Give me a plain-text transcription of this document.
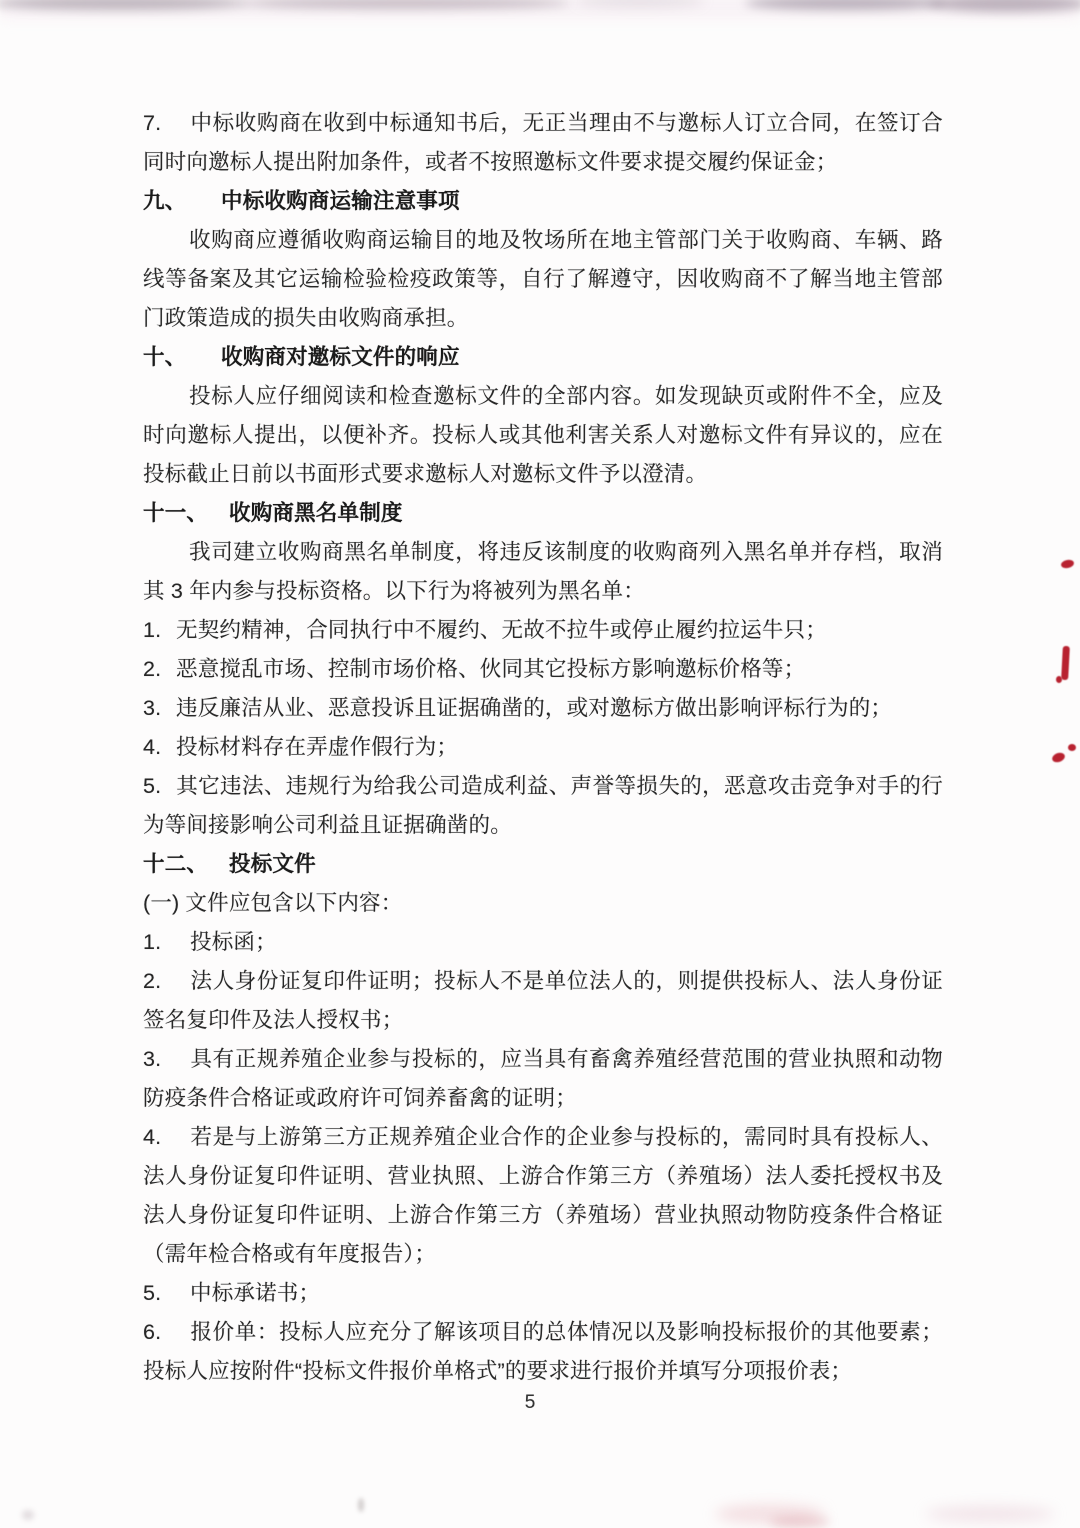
7. 中标收购商在收到中标通知书后，无正当理由不与邀标人订立合同，在签订合同时向邀标人提出附加条件，或者不按照邀标文件要求提交履约保证金；

九、 中标收购商运输注意事项

收购商应遵循收购商运输目的地及牧场所在地主管部门关于收购商、车辆、路线等备案及其它运输检验检疫政策等，自行了解遵守，因收购商不了解当地主管部门政策造成的损失由收购商承担。

十、 收购商对邀标文件的响应

投标人应仔细阅读和检查邀标文件的全部内容。如发现缺页或附件不全，应及时向邀标人提出，以便补齐。投标人或其他利害关系人对邀标文件有异议的，应在投标截止日前以书面形式要求邀标人对邀标文件予以澄清。

十一、 收购商黑名单制度

我司建立收购商黑名单制度，将违反该制度的收购商列入黑名单并存档，取消其 3 年内参与投标资格。以下行为将被列为黑名单：

1. 无契约精神，合同执行中不履约、无故不拉牛或停止履约拉运牛只；

2. 恶意搅乱市场、控制市场价格、伙同其它投标方影响邀标价格等；

3. 违反廉洁从业、恶意投诉且证据确凿的，或对邀标方做出影响评标行为的；

4. 投标材料存在弄虚作假行为；

5. 其它违法、违规行为给我公司造成利益、声誉等损失的，恶意攻击竞争对手的行为等间接影响公司利益且证据确凿的。

十二、 投标文件

(一) 文件应包含以下内容：

1. 投标函；

2. 法人身份证复印件证明；投标人不是单位法人的，则提供投标人、法人身份证签名复印件及法人授权书；

3. 具有正规养殖企业参与投标的，应当具有畜禽养殖经营范围的营业执照和动物防疫条件合格证或政府许可饲养畜禽的证明；

4. 若是与上游第三方正规养殖企业合作的企业参与投标的，需同时具有投标人、法人身份证复印件证明、营业执照、上游合作第三方（养殖场）法人委托授权书及法人身份证复印件证明、上游合作第三方（养殖场）营业执照动物防疫条件合格证（需年检合格或有年度报告）；

5. 中标承诺书；

6. 报价单：投标人应充分了解该项目的总体情况以及影响投标报价的其他要素；投标人应按附件“投标文件报价单格式”的要求进行报价并填写分项报价表；

5
